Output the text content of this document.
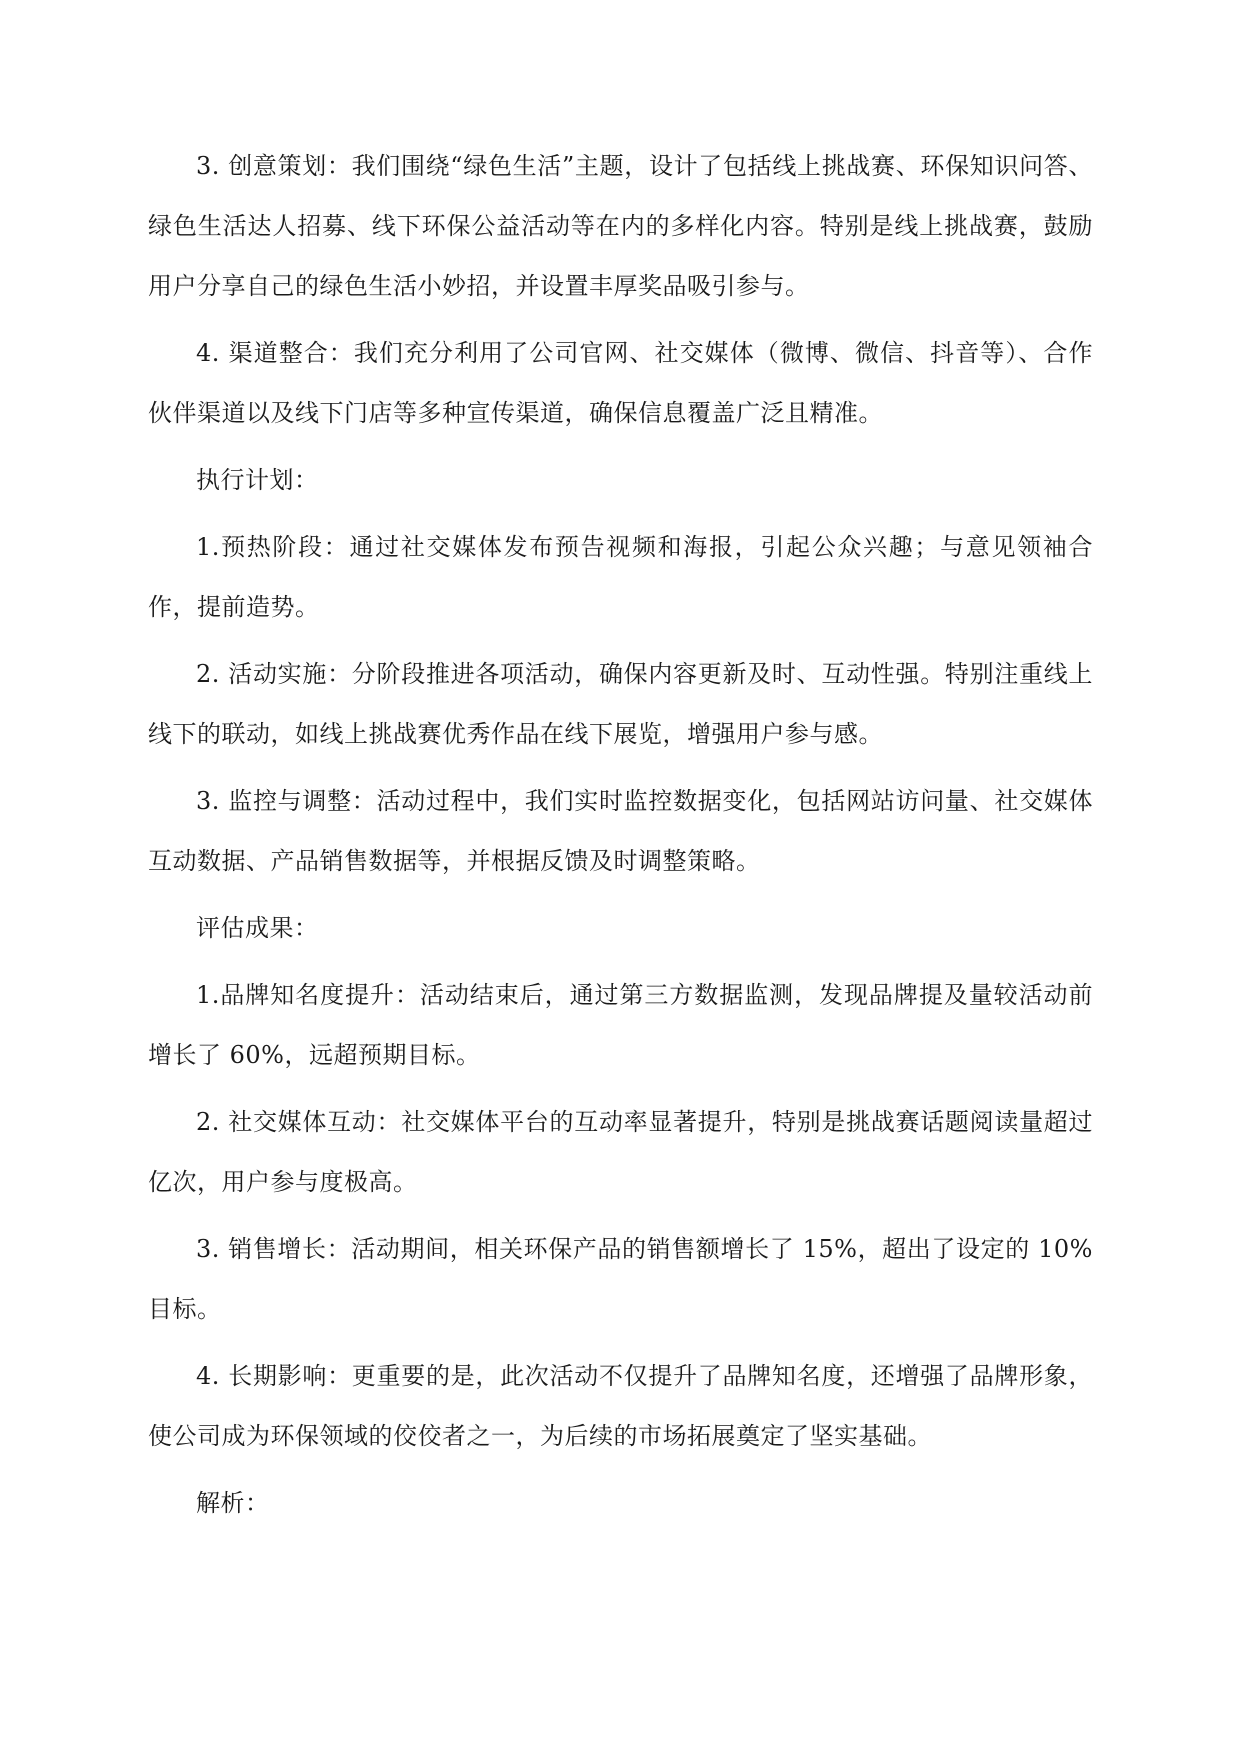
3. 创意策划：我们围绕“绿色生活”主题，设计了包括线上挑战赛、环保知识问答、绿色生活达人招募、线下环保公益活动等在内的多样化内容。特别是线上挑战赛，鼓励用户分享自己的绿色生活小妙招，并设置丰厚奖品吸引参与。

4. 渠道整合：我们充分利用了公司官网、社交媒体（微博、微信、抖音等）、合作伙伴渠道以及线下门店等多种宣传渠道，确保信息覆盖广泛且精准。

执行计划：

1.预热阶段：通过社交媒体发布预告视频和海报，引起公众兴趣；与意见领袖合作，提前造势。

2. 活动实施：分阶段推进各项活动，确保内容更新及时、互动性强。特别注重线上线下的联动，如线上挑战赛优秀作品在线下展览，增强用户参与感。

3. 监控与调整：活动过程中，我们实时监控数据变化，包括网站访问量、社交媒体互动数据、产品销售数据等，并根据反馈及时调整策略。

评估成果：

1.品牌知名度提升：活动结束后，通过第三方数据监测，发现品牌提及量较活动前增长了 60%，远超预期目标。

2. 社交媒体互动：社交媒体平台的互动率显著提升，特别是挑战赛话题阅读量超过亿次，用户参与度极高。

3. 销售增长：活动期间，相关环保产品的销售额增长了 15%，超出了设定的 10%目标。

4. 长期影响：更重要的是，此次活动不仅提升了品牌知名度，还增强了品牌形象，使公司成为环保领域的佼佼者之一，为后续的市场拓展奠定了坚实基础。

解析：
